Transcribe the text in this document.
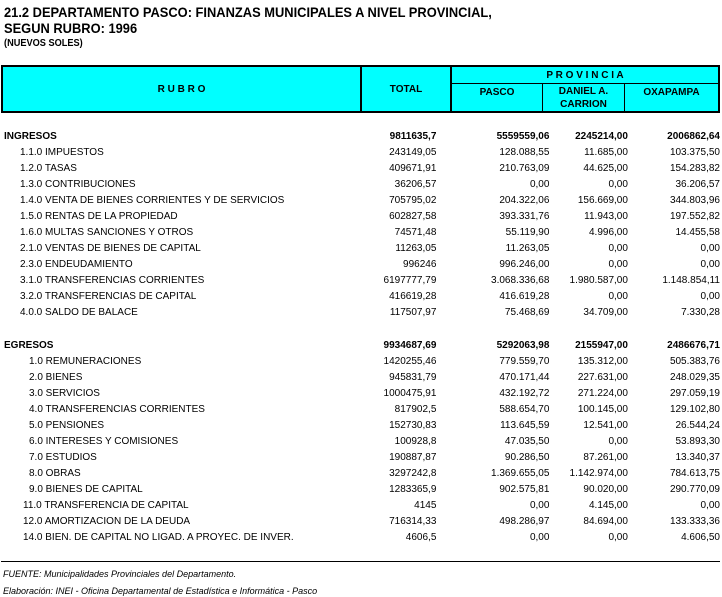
21.2 DEPARTAMENTO PASCO: FINANZAS MUNICIPALES A NIVEL PROVINCIAL,
SEGUN RUBRO: 1996
(NUEVOS SOLES)
R U B R O	TOTAL
P R O V I N C I A
PASCO	DANIEL A.
CARRION
OXAPAMPA
INGRESOS	9811635,7	5559559,06	2245214,00	2006862,64
1.1.0 IMPUESTOS	243149,05	128.088,55	11.685,00	103.375,50
1.2.0 TASAS	409671,91	210.763,09	44.625,00	154.283,82
1.3.0 CONTRIBUCIONES	36206,57	0,00	0,00	36.206,57
1.4.0 VENTA DE BIENES CORRIENTES Y DE SERVICIOS	705795,02	204.322,06	156.669,00	344.803,96
1.5.0 RENTAS DE LA PROPIEDAD	602827,58	393.331,76	11.943,00	197.552,82
1.6.0 MULTAS SANCIONES Y OTROS	74571,48	55.119,90	4.996,00	14.455,58
2.1.0 VENTAS DE BIENES DE CAPITAL	11263,05	11.263,05	0,00	0,00
2.3.0 ENDEUDAMIENTO	996246	996.246,00	0,00	0,00
3.1.0 TRANSFERENCIAS CORRIENTES	6197777,79	3.068.336,68	1.980.587,00	1.148.854,11
3.2.0 TRANSFERENCIAS DE CAPITAL	416619,28	416.619,28	0,00	0,00
4.0.0 SALDO DE BALACE	117507,97	75.468,69	34.709,00	7.330,28

EGRESOS	9934687,69	5292063,98	2155947,00	2486676,71
1.0 REMUNERACIONES	1420255,46	779.559,70	135.312,00	505.383,76
2.0 BIENES	945831,79	470.171,44	227.631,00	248.029,35
3.0 SERVICIOS	1000475,91	432.192,72	271.224,00	297.059,19
4.0 TRANSFERENCIAS CORRIENTES	817902,5	588.654,70	100.145,00	129.102,80
5.0 PENSIONES	152730,83	113.645,59	12.541,00	26.544,24
6.0 INTERESES Y COMISIONES	100928,8	47.035,50	0,00	53.893,30
7.0 ESTUDIOS	190887,87	90.286,50	87.261,00	13.340,37
8.0 OBRAS	3297242,8	1.369.655,05	1.142.974,00	784.613,75
9.0 BIENES DE CAPITAL	1283365,9	902.575,81	90.020,00	290.770,09
11.0 TRANSFERENCIA DE CAPITAL	4145	0,00	4.145,00	0,00
12.0 AMORTIZACION DE LA DEUDA	716314,33	498.286,97	84.694,00	133.333,36
14.0 BIEN. DE CAPITAL NO LIGAD. A PROYEC. DE INVER.	4606,5	0,00	0,00	4.606,50
FUENTE: Municipalidades Provinciales del Departamento.
Elaboración: INEI - Oficina Departamental de Estadística e Informática - Pasco
